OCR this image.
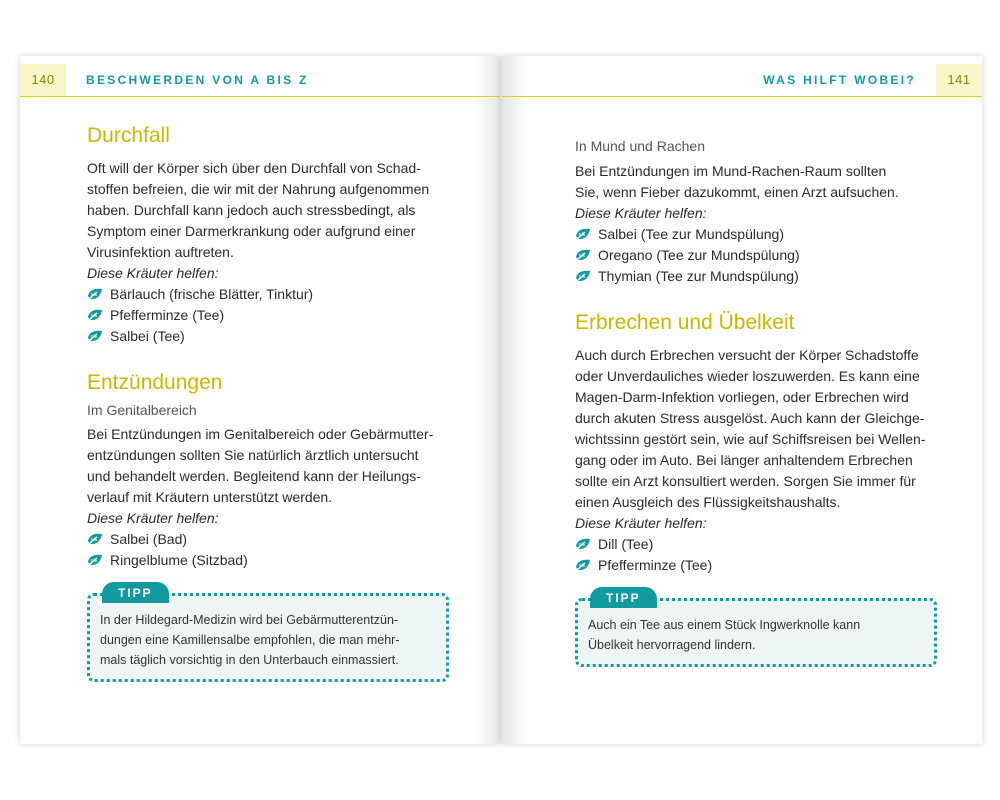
140	BESCHWERDEN VON A BIS Z
Durchfall

Oft will der Körper sich über den Durchfall von Schad-
stoffen befreien, die wir mit der Nahrung aufgenommen
haben. Durchfall kann jedoch auch stressbedingt, als
Symptom einer Darmerkrankung oder aufgrund einer
Virusinfektion auftreten.

Diese Kräuter helfen:

Bärlauch (frische Blätter, Tinktur)
Pfefferminze (Tee)
Salbei (Tee)
Entzündungen
Im Genitalbereich

Bei Entzündungen im Genitalbereich oder Gebärmutter-
entzündungen sollten Sie natürlich ärztlich untersucht
und behandelt werden. Begleitend kann der Heilungs-
verlauf mit Kräutern unterstützt werden.

Diese Kräuter helfen:

Salbei (Bad)
Ringelblume (Sitzbad)
TIPP

In der Hildegard-Medizin wird bei Gebärmutterentzün-
dungen eine Kamillensalbe empfohlen, die man mehr-
mals täglich vorsichtig in den Unterbauch einmassiert.

WAS HILFT WOBEI?	141
In Mund und Rachen

Bei Entzündungen im Mund-Rachen-Raum sollten
Sie, wenn Fieber dazukommt, einen Arzt aufsuchen.

Diese Kräuter helfen:

Salbei (Tee zur Mundspülung)
Oregano (Tee zur Mundspülung)
Thymian (Tee zur Mundspülung)
Erbrechen und Übelkeit

Auch durch Erbrechen versucht der Körper Schadstoffe
oder Unverdauliches wieder loszuwerden. Es kann eine
Magen-Darm-Infektion vorliegen, oder Erbrechen wird
durch akuten Stress ausgelöst. Auch kann der Gleichge-
wichtssinn gestört sein, wie auf Schiffsreisen bei Wellen-
gang oder im Auto. Bei länger anhaltendem Erbrechen
sollte ein Arzt konsultiert werden. Sorgen Sie immer für
einen Ausgleich des Flüssigkeitshaushalts.

Diese Kräuter helfen:

Dill (Tee)
Pfefferminze (Tee)
TIPP

Auch ein Tee aus einem Stück Ingwerknolle kann
Übelkeit hervorragend lindern.
